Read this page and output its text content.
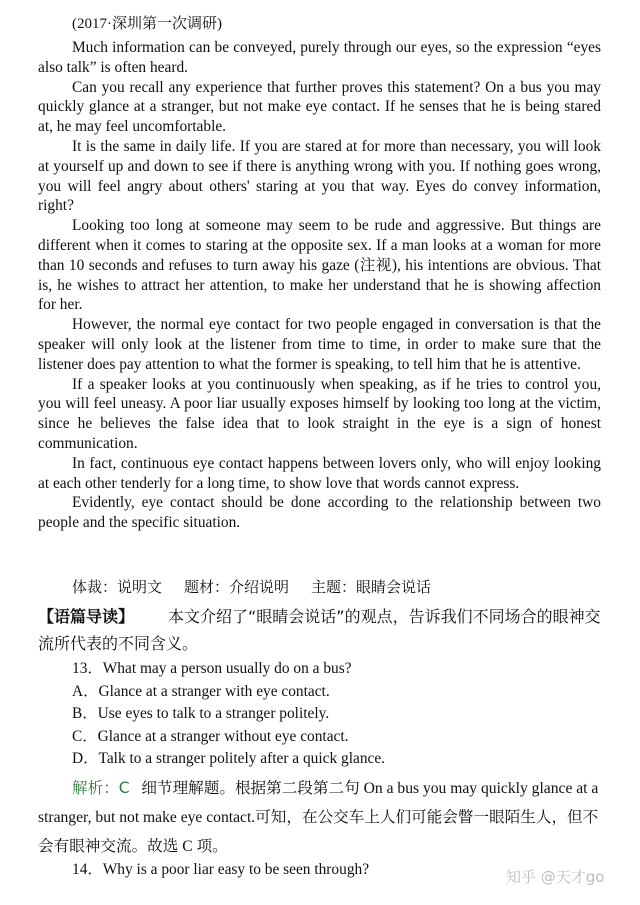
(2017·深圳第一次调研)

Much information can be conveyed, purely through our eyes, so the expression “eyes also talk” is often heard.

Can you recall any experience that further proves this statement? On a bus you may quickly glance at a stranger, but not make eye contact. If he senses that he is being stared at, he may feel uncomfortable.

It is the same in daily life. If you are stared at for more than necessary, you will look at yourself up and down to see if there is anything wrong with you. If nothing goes wrong, you will feel angry about others' staring at you that way. Eyes do convey information, right?

Looking too long at someone may seem to be rude and aggressive. But things are different when it comes to staring at the opposite sex. If a man looks at a woman for more than 10 seconds and refuses to turn away his gaze (注视), his intentions are obvious. That is, he wishes to attract her attention, to make her understand that he is showing affection for her.

However, the normal eye contact for two people engaged in conversation is that the speaker will only look at the listener from time to time, in order to make sure that the listener does pay attention to what the former is speaking, to tell him that he is attentive.

If a speaker looks at you continuously when speaking, as if he tries to control you, you will feel uneasy. A poor liar usually exposes himself by looking too long at the victim, since he believes the false idea that to look straight in the eye is a sign of honest communication.

In fact, continuous eye contact happens between lovers only, who will enjoy looking at each other tenderly for a long time, to show love that words cannot express.

Evidently, eye contact should be done according to the relationship between two people and the specific situation.

体裁：说明文 题材：介绍说明 主题：眼睛会说话
【语篇导读】 本文介绍了“眼睛会说话”的观点，告诉我们不同场合的眼神交流所代表的不同含义。
13．What may a person usually do on a bus?
A．Glance at a stranger with eye contact.
B．Use eyes to talk to a stranger politely.
C．Glance at a stranger without eye contact.
D．Talk to a stranger politely after a quick glance.
解析：C 细节理解题。根据第二段第二句 On a bus you may quickly glance at a stranger, but not make eye contact.可知，在公交车上人们可能会瞥一眼陌生人，但不会有眼神交流。故选 C 项。
14．Why is a poor liar easy to be seen through?	知乎 @天才go
